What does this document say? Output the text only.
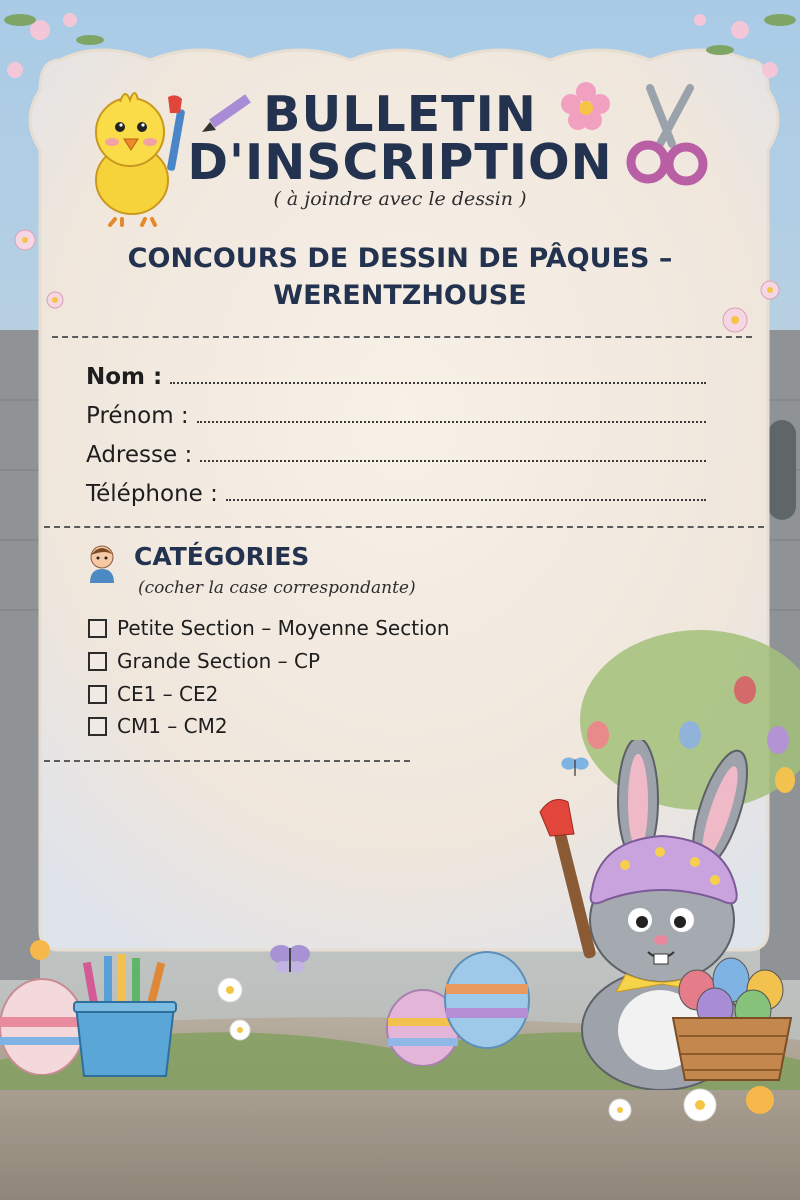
BULLETIN
D'INSCRIPTION
( à joindre avec le dessin )
CONCOURS DE DESSIN DE PÂQUES –
WERENTZHOUSE
Nom :
Prénom :
Adresse :
Téléphone :
CATÉGORIES
(cocher la case correspondante)
Petite Section – Moyenne Section
Grande Section – CP
CE1 – CE2
CM1 – CM2
